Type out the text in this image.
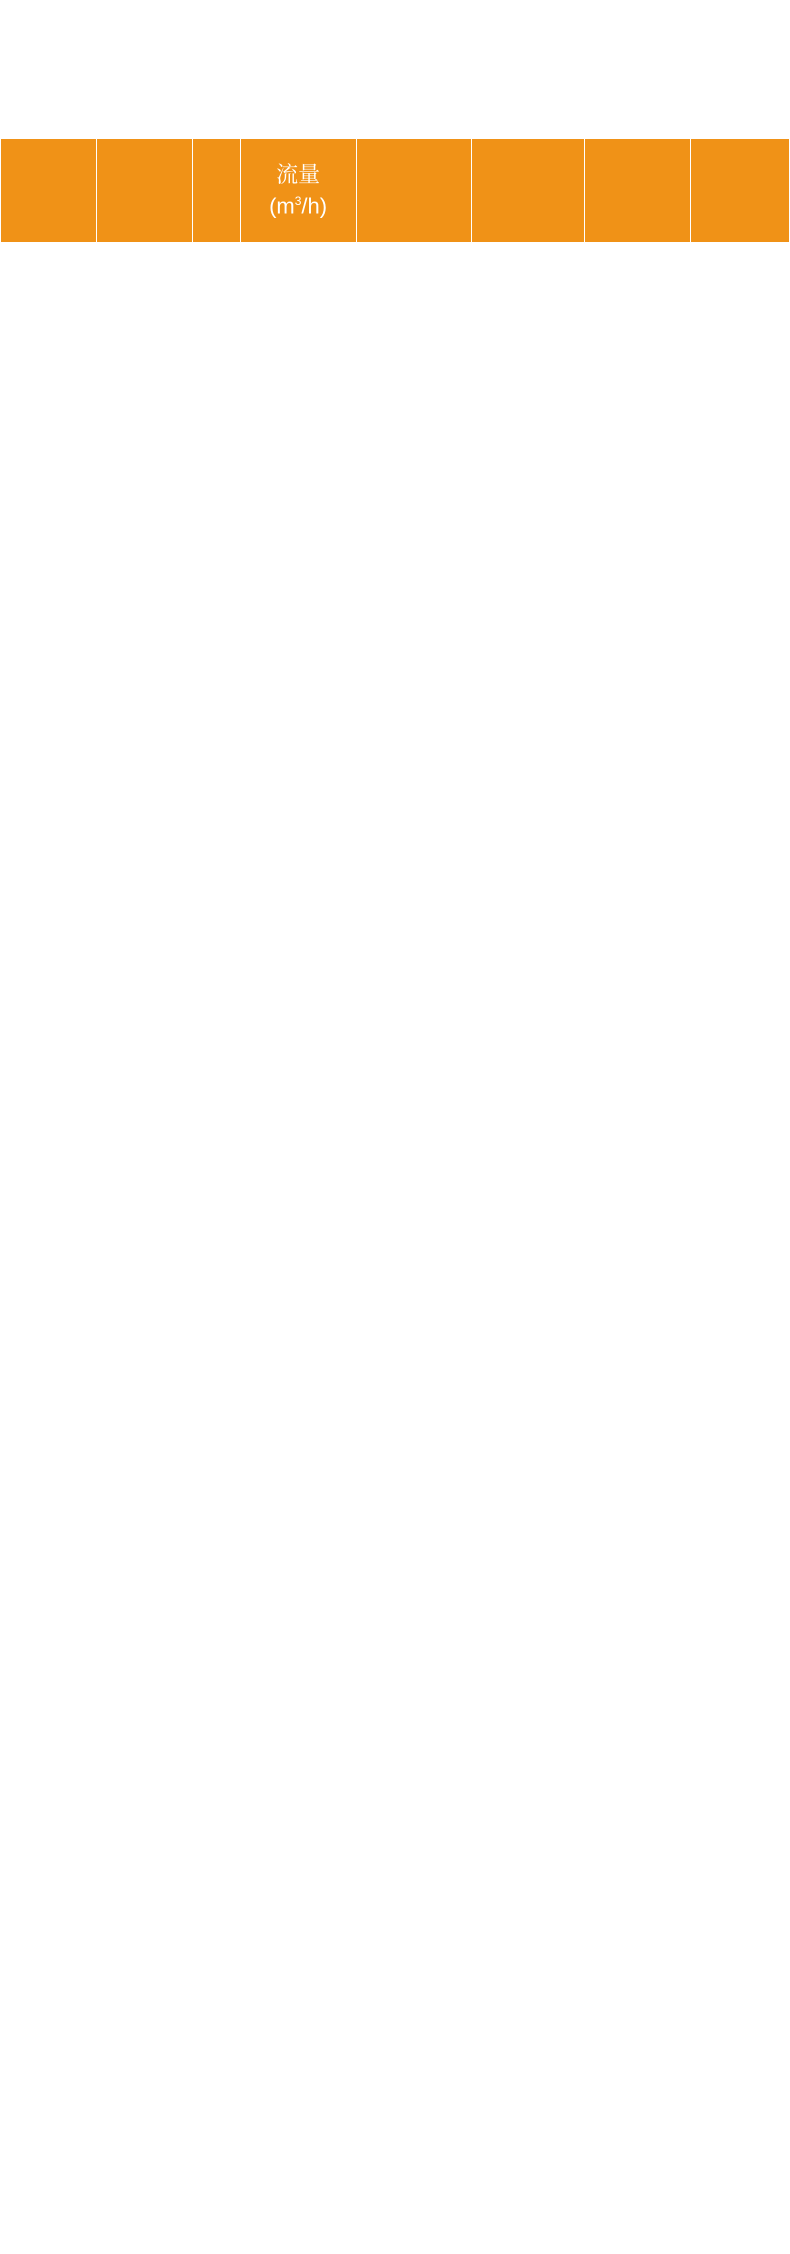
			流量
$(m^3/h)$				
